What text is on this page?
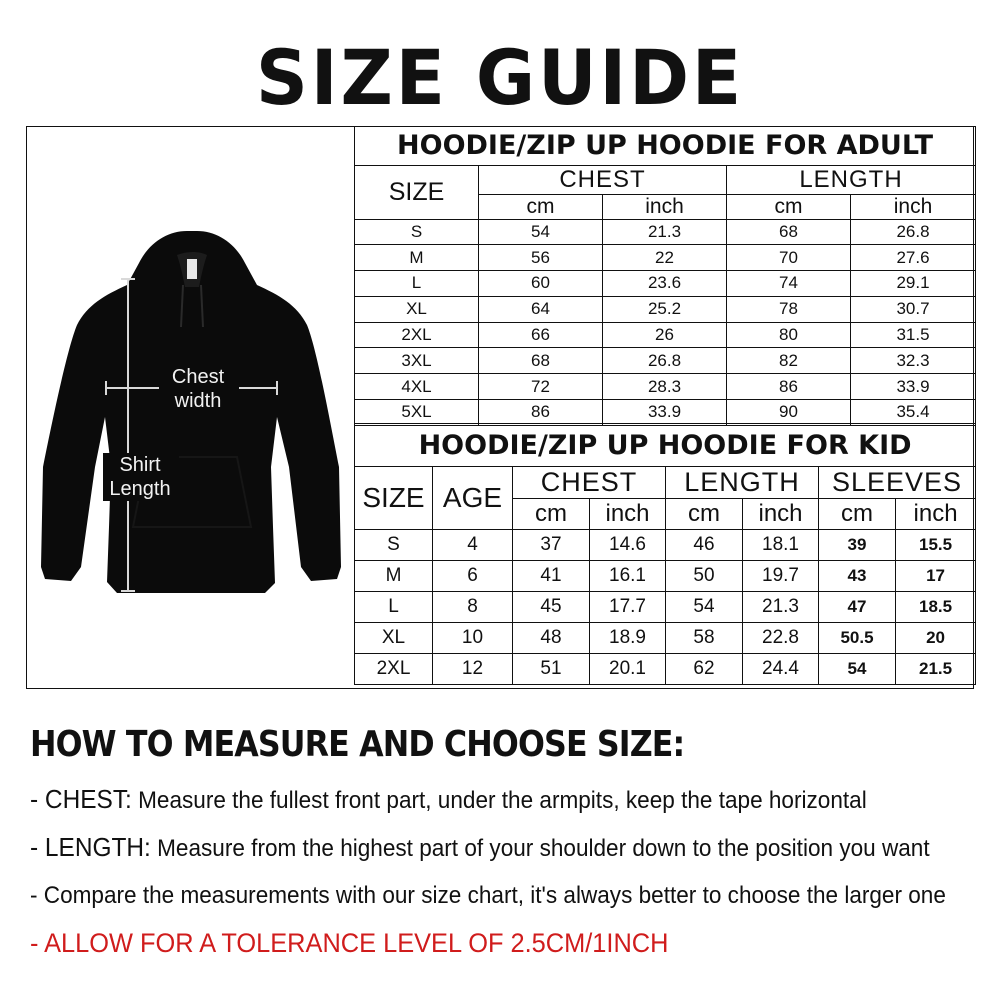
SIZE GUIDE
Chest
width
Shirt
Length
HOODIE/ZIP UP HOODIE FOR ADULT				
SIZE	CHEST		LENGTH	
	cm	inch	cm	inch
S	54	21.3	68	26.8
M	56	22	70	27.6
L	60	23.6	74	29.1
XL	64	25.2	78	30.7
2XL	66	26	80	31.5
3XL	68	26.8	82	32.3
4XL	72	28.3	86	33.9
5XL	86	33.9	90	35.4
HOODIE/ZIP UP HOODIE FOR KID							
SIZE	AGE	CHEST		LENGTH		SLEEVES	
		cm	inch	cm	inch	cm	inch
S	4	37	14.6	46	18.1	39	15.5
M	6	41	16.1	50	19.7	43	17
L	8	45	17.7	54	21.3	47	18.5
XL	10	48	18.9	58	22.8	50.5	20
2XL	12	51	20.1	62	24.4	54	21.5
HOW TO MEASURE AND CHOOSE SIZE:
- CHEST: Measure the fullest front part, under the armpits, keep the tape horizontal
- LENGTH: Measure from the highest part of your shoulder down to the position you want
- Compare the measurements with our size chart, it's always better to choose the larger one
- ALLOW FOR A TOLERANCE LEVEL OF 2.5CM/1INCH
